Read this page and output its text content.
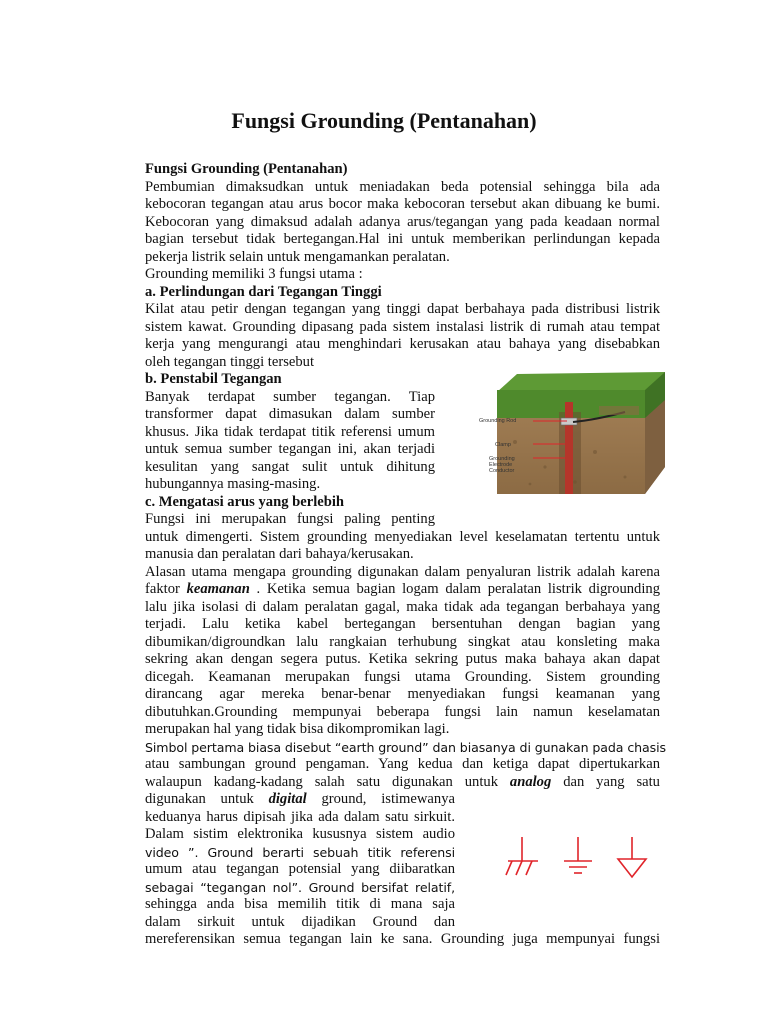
Fungsi Grounding (Pentanahan)
Fungsi Grounding (Pentanahan)
Pembumian dimaksudkan untuk meniadakan beda potensial sehingga bila ada
kebocoran tegangan atau arus bocor maka kebocoran tersebut akan dibuang ke bumi.
Kebocoran yang dimaksud adalah adanya arus/tegangan yang pada keadaan normal
bagian tersebut tidak bertegangan.Hal ini untuk memberikan perlindungan kepada
pekerja listrik selain untuk mengamankan peralatan.
Grounding memiliki 3 fungsi utama :
a. Perlindungan dari Tegangan Tinggi
Kilat atau petir dengan tegangan yang tinggi dapat berbahaya pada distribusi listrik
sistem kawat. Grounding dipasang pada sistem instalasi listrik di rumah atau tempat
kerja yang mengurangi atau menghindari kerusakan atau bahaya yang disebabkan
oleh tegangan tinggi tersebut
b. Penstabil Tegangan
Banyak terdapat sumber tegangan. Tiap
transformer dapat dimasukan dalam sumber
khusus. Jika tidak terdapat titik referensi umum
untuk semua sumber tegangan ini, akan terjadi
kesulitan yang sangat sulit untuk dihitung
hubungannya masing-masing.
c. Mengatasi arus yang berlebih
Fungsi ini merupakan fungsi paling penting
untuk dimengerti. Sistem grounding menyediakan level keselamatan tertentu untuk
manusia dan peralatan dari bahaya/kerusakan.
Alasan utama mengapa grounding digunakan dalam penyaluran listrik adalah karena
faktor keamanan . Ketika semua bagian logam dalam peralatan listrik digrounding
lalu jika isolasi di dalam peralatan gagal, maka tidak ada tegangan berbahaya yang
terjadi. Lalu ketika kabel bertegangan bersentuhan dengan bagian yang
dibumikan/digroundkan lalu rangkaian terhubung singkat atau konsleting maka
sekring akan dengan segera putus. Ketika sekring putus maka bahaya akan dapat
dicegah. Keamanan merupakan fungsi utama Grounding. Sistem grounding
dirancang agar mereka benar-benar menyediakan fungsi keamanan yang
dibutuhkan.Grounding mempunyai beberapa fungsi lain namun keselamatan
merupakan hal yang tidak bisa dikompromikan lagi.
Simbol pertama biasa disebut “earth ground” dan biasanya di gunakan pada chasis
atau sambungan ground pengaman. Yang kedua dan ketiga dapat dipertukarkan
walaupun kadang-kadang salah satu digunakan untuk analog dan yang satu
digunakan untuk digital ground, istimewanya
keduanya harus dipisah jika ada dalam satu sirkuit.
Dalam sistim elektronika kususnya sistem audio
video ”. Ground berarti sebuah titik referensi
umum atau tegangan potensial yang diibaratkan
sebagai “tegangan nol”. Ground bersifat relatif,
sehingga anda bisa memilih titik di mana saja
dalam sirkuit untuk dijadikan Ground dan
mereferensikan semua tegangan lain ke sana. Grounding juga mempunyai fungsi
Grounding Rod
Clamp
Grounding Electrode Conductor
